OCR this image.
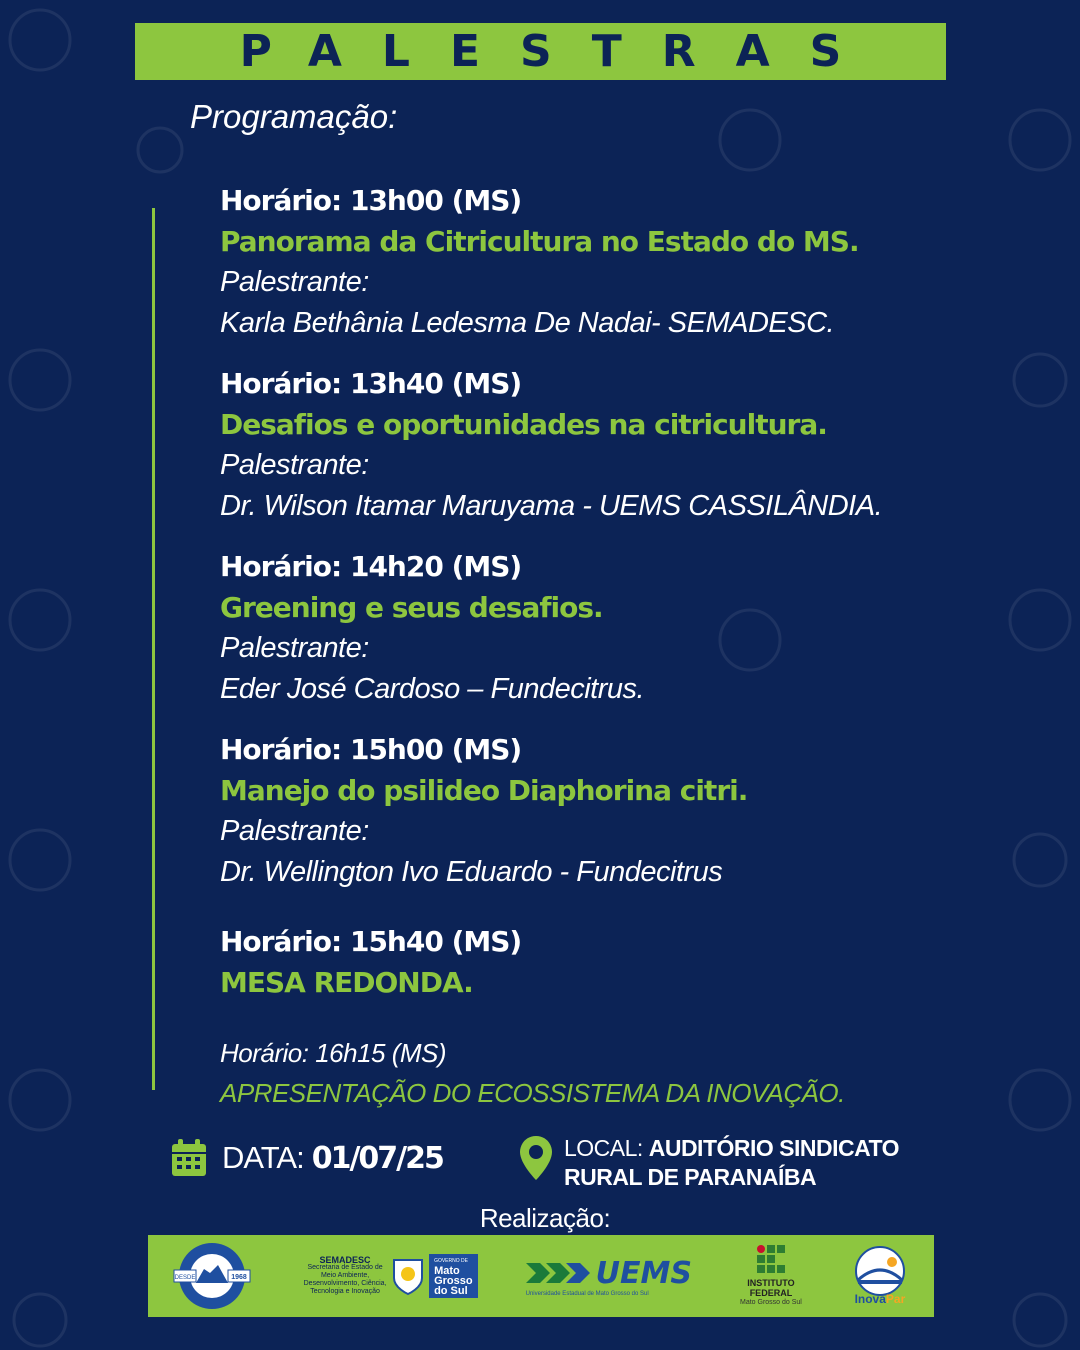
PALESTRAS
Programação:
Horário: 13h00 (MS)
Panorama da Citricultura no Estado do MS.
Palestrante:
Karla Bethânia Ledesma De Nadai- SEMADESC.
Horário: 13h40 (MS)
Desafios e oportunidades na citricultura.
Palestrante:
Dr. Wilson Itamar Maruyama - UEMS CASSILÂNDIA.
Horário: 14h20 (MS)
Greening e seus desafios.
Palestrante:
Eder José Cardoso – Fundecitrus.
Horário: 15h00 (MS)
Manejo do psilideo Diaphorina citri.
Palestrante:
Dr. Wellington Ivo Eduardo - Fundecitrus
Horário: 15h40 (MS)
MESA REDONDA.
Horário: 16h15 (MS)
APRESENTAÇÃO DO ECOSSISTEMA DA INOVAÇÃO.
DATA: 01/07/25	LOCAL: AUDITÓRIO SINDICATO
RURAL DE PARANAÍBA
Realização:
DESDE	1968
SEMADESC
Secretaria de Estado de Meio Ambiente, Desenvolvimento, Ciência, Tecnologia e Inovação
GOVERNO DE
Mato
Grosso
do Sul
UEMS
Universidade Estadual de Mato Grosso do Sul
INSTITUTO
FEDERAL
Mato Grosso do Sul	InovaPar
